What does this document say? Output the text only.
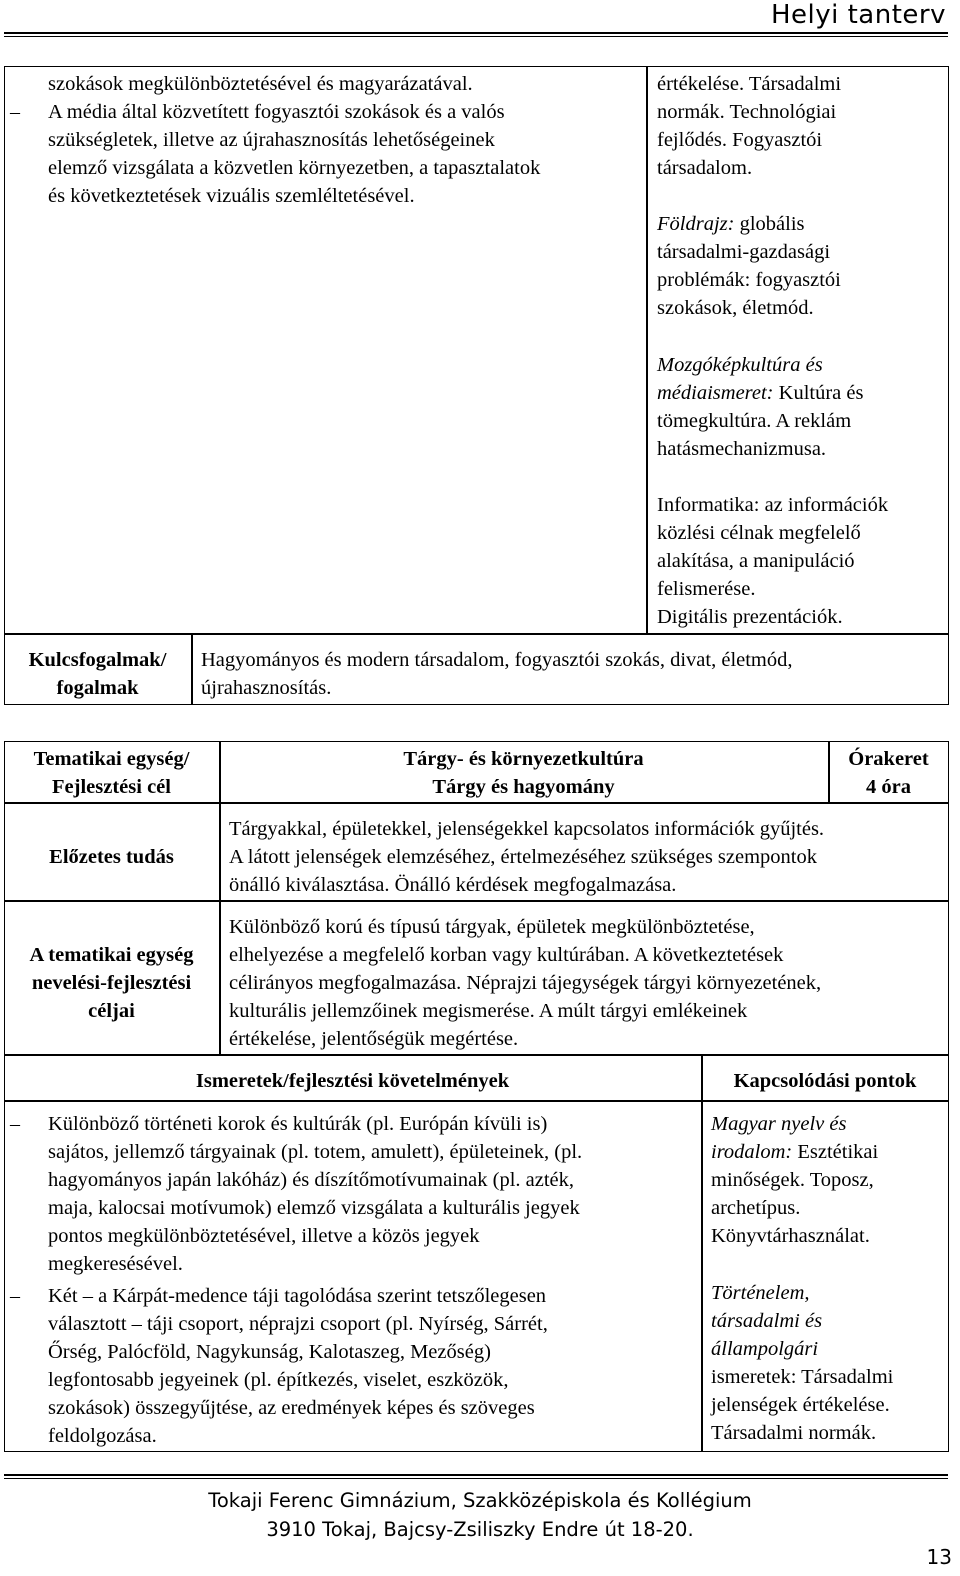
Helyi tanterv
szokások megkülönböztetésével és magyarázatával.
– A média által közvetített fogyasztói szokások és a valós
szükségletek, illetve az újrahasznosítás lehetőségeinek
elemző vizsgálata a közvetlen környezetben, a tapasztalatok
és következtetések vizuális szemléltetésével.
értékelése. Társadalmi
normák. Technológiai
fejlődés. Fogyasztói
társadalom.
Földrajz: globális
társadalmi-gazdasági
problémák: fogyasztói
szokások, életmód.
Mozgóképkultúra és
médiaismeret: Kultúra és
tömegkultúra. A reklám
hatásmechanizmusa.
Informatika: az információk
közlési célnak megfelelő
alakítása, a manipuláció
felismerése.
Digitális prezentációk.
Kulcsfogalmak/
fogalmak
Hagyományos és modern társadalom, fogyasztói szokás, divat, életmód,
újrahasznosítás.
Tematikai egység/
Fejlesztési cél
Tárgy- és környezetkultúra
Tárgy és hagyomány
Órakeret
4 óra
Előzetes tudás
Tárgyakkal, épületekkel, jelenségekkel kapcsolatos információk gyűjtés.
A látott jelenségek elemzéséhez, értelmezéséhez szükséges szempontok
önálló kiválasztása. Önálló kérdések megfogalmazása.
A tematikai egység
nevelési-fejlesztési
céljai
Különböző korú és típusú tárgyak, épületek megkülönböztetése,
elhelyezése a megfelelő korban vagy kultúrában. A következtetések
célirányos megfogalmazása. Néprajzi tájegységek tárgyi környezetének,
kulturális jellemzőinek megismerése. A múlt tárgyi emlékeinek
értékelése, jelentőségük megértése.
Ismeretek/fejlesztési követelmények	Kapcsolódási pontok
– Különböző történeti korok és kultúrák (pl. Európán kívüli is)
sajátos, jellemző tárgyainak (pl. totem, amulett), épületeinek, (pl.
hagyományos japán lakóház) és díszítőmotívumainak (pl. azték,
maja, kalocsai motívumok) elemző vizsgálata a kulturális jegyek
pontos megkülönböztetésével, illetve a közös jegyek
megkeresésével.
– Két – a Kárpát-medence táji tagolódása szerint tetszőlegesen
választott – táji csoport, néprajzi csoport (pl. Nyírség, Sárrét,
Őrség, Palócföld, Nagykunság, Kalotaszeg, Mezőség)
legfontosabb jegyeinek (pl. építkezés, viselet, eszközök,
szokások) összegyűjtése, az eredmények képes és szöveges
feldolgozása.
Magyar nyelv és
irodalom: Esztétikai
minőségek. Toposz,
archetípus.
Könyvtárhasználat.
Történelem,
társadalmi és
állampolgári
ismeretek: Társadalmi
jelenségek értékelése.
Társadalmi normák.
Tokaji Ferenc Gimnázium, Szakközépiskola és Kollégium
3910 Tokaj, Bajcsy-Zsiliszky Endre út 18-20.
13
